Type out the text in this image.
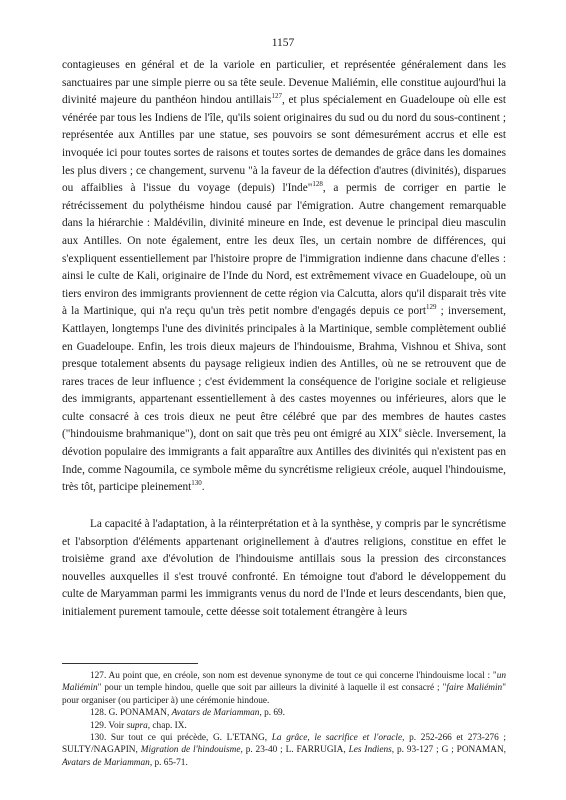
1157

contagieuses en général et de la variole en particulier, et représentée généralement dans les sanctuaires par une simple pierre ou sa tête seule. Devenue Maliémin, elle constitue aujourd'hui la divinité majeure du panthéon hindou antillais$^{127}$, et plus spécialement en Guadeloupe où elle est vénérée par tous les Indiens de l'île, qu'ils soient originaires du sud ou du nord du sous-continent ; représentée aux Antilles par une statue, ses pouvoirs se sont démesurément accrus et elle est invoquée ici pour toutes sortes de raisons et toutes sortes de demandes de grâce dans les domaines les plus divers ; ce changement, survenu "à la faveur de la défection d'autres (divinités), disparues ou affaiblies à l'issue du voyage (depuis) l'Inde"$^{128}$, a permis de corriger en partie le rétrécissement du polythéisme hindou causé par l'émigration. Autre changement remarquable dans la hiérarchie : Maldévilin, divinité mineure en Inde, est devenue le principal dieu masculin aux Antilles. On note également, entre les deux îles, un certain nombre de différences, qui s'expliquent essentiellement par l'histoire propre de l'immigration indienne dans chacune d'elles : ainsi le culte de Kali, originaire de l'Inde du Nord, est extrêmement vivace en Guadeloupe, où un tiers environ des immigrants proviennent de cette région via Calcutta, alors qu'il disparait très vite à la Martinique, qui n'a reçu qu'un très petit nombre d'engagés depuis ce port$^{129}$ ; inversement, Kattlayen, longtemps l'une des divinités principales à la Martinique, semble complètement oublié en Guadeloupe. Enfin, les trois dieux majeurs de l'hindouisme, Brahma, Vishnou et Shiva, sont presque totalement absents du paysage religieux indien des Antilles, où ne se retrouvent que de rares traces de leur influence ; c'est évidemment la conséquence de l'origine sociale et religieuse des immigrants, appartenant essentiellement à des castes moyennes ou inférieures, alors que le culte consacré à ces trois dieux ne peut être célébré que par des membres de hautes castes ("hindouisme brahmanique"), dont on sait que très peu ont émigré au XIXe siècle. Inversement, la dévotion populaire des immigrants a fait apparaître aux Antilles des divinités qui n'existent pas en Inde, comme Nagoumila, ce symbole même du syncrétisme religieux créole, auquel l'hindouisme, très tôt, participe pleinement$^{130}$.

La capacité à l'adaptation, à la réinterprétation et à la synthèse, y compris par le syncrétisme et l'absorption d'éléments appartenant originellement à d'autres religions, constitue en effet le troisième grand axe d'évolution de l'hindouisme antillais sous la pression des circonstances nouvelles auxquelles il s'est trouvé confronté. En témoigne tout d'abord le développement du culte de Maryamman parmi les immigrants venus du nord de l'Inde et leurs descendants, bien que, initialement purement tamoule, cette déesse soit totalement étrangère à leurs

127. Au point que, en créole, son nom est devenue synonyme de tout ce qui concerne l'hindouisme local : "un Maliémin" pour un temple hindou, quelle que soit par ailleurs la divinité à laquelle il est consacré ; "faire Maliémin" pour organiser (ou participer à) une cérémonie hindoue.

128. G. PONAMAN, Avatars de Mariamman, p. 69.

129. Voir supra, chap. IX.

130. Sur tout ce qui précède, G. L'ETANG, La grâce, le sacrifice et l'oracle, p. 252-266 et 273-276 ; SULTY/NAGAPIN, Migration de l'hindouisme, p. 23-40 ; L. FARRUGIA, Les Indiens, p. 93-127 ; G ; PONAMAN, Avatars de Mariamman, p. 65-71.
